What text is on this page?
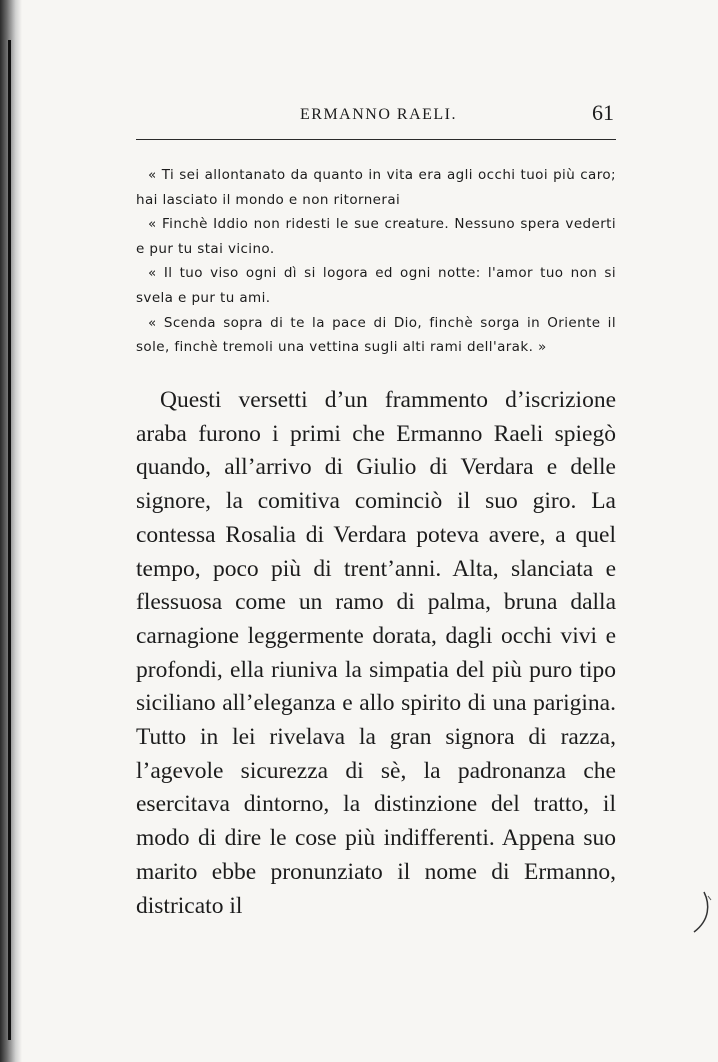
ERMANNO RAELI.	61

« Ti sei allontanato da quanto in vita era agli occhi tuoi più caro; hai lasciato il mondo e non ritornerai

« Finchè Iddio non ridesti le sue creature. Nessuno spera vederti e pur tu stai vicino.

« Il tuo viso ogni dì si logora ed ogni notte: l'amor tuo non si svela e pur tu ami.

« Scenda sopra di te la pace di Dio, finchè sorga in Oriente il sole, finchè tremoli una vettina sugli alti rami dell'arak. »

Questi versetti d’un frammento d’iscrizione araba furono i primi che Ermanno Raeli spiegò quando, all’arrivo di Giulio di Verdara e delle signore, la comitiva cominciò il suo giro. La contessa Rosalia di Verdara poteva avere, a quel tempo, poco più di trent’anni. Alta, slanciata e flessuosa come un ramo di palma, bruna dalla carnagione leggermente dorata, dagli occhi vivi e profondi, ella riuniva la simpatia del più puro tipo siciliano all’eleganza e allo spirito di una parigina. Tutto in lei rivelava la gran signora di razza, l’agevole sicurezza di sè, la padronanza che esercitava dintorno, la distinzione del tratto, il modo di dire le cose più indifferenti. Appena suo marito ebbe pronunziato il nome di Ermanno, districato il
